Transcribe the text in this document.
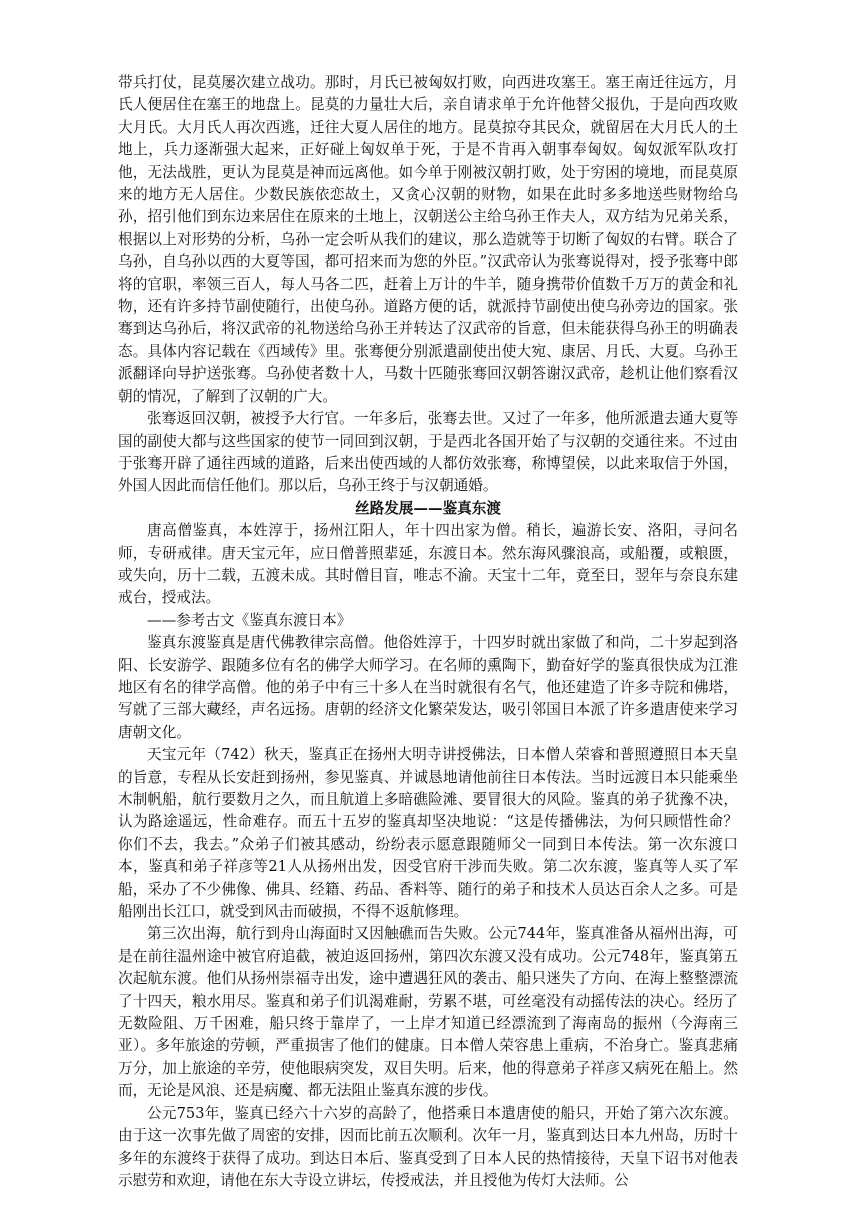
带兵打仗，昆莫屡次建立战功。那时，月氏已被匈奴打败，向西进攻塞王。塞王南迁往远方，月氏人便居住在塞王的地盘上。昆莫的力量壮大后，亲自请求单于允许他替父报仇，于是向西攻败大月氏。大月氏人再次西逃，迁往大夏人居住的地方。昆莫掠夺其民众，就留居在大月氏人的土地上，兵力逐渐强大起来，正好碰上匈奴单于死，于是不肯再入朝事奉匈奴。匈奴派军队攻打他，无法战胜，更认为昆莫是神而远离他。如今单于刚被汉朝打败，处于穷困的境地，而昆莫原来的地方无人居住。少数民族依恋故土，又贪心汉朝的财物，如果在此时多多地送些财物给乌孙，招引他们到东边来居住在原来的土地上，汉朝送公主给乌孙王作夫人，双方结为兄弟关系，根据以上对形势的分析，乌孙一定会听从我们的建议，那么造就等于切断了匈奴的右臂。联合了乌孙，自乌孙以西的大夏等国，都可招来而为您的外臣。”汉武帝认为张骞说得对，授予张骞中郎将的官职，率领三百人，每人马各二匹，赶着上万计的牛羊，随身携带价值数千万万的黄金和礼物，还有许多持节副使随行，出使乌孙。道路方便的话，就派持节副使出使乌孙旁边的国家。张骞到达乌孙后，将汉武帝的礼物送给乌孙王并转达了汉武帝的旨意，但未能获得乌孙王的明确表态。具体内容记载在《西域传》里。张骞便分别派遣副使出使大宛、康居、月氏、大夏。乌孙王派翻译向导护送张骞。乌孙使者数十人，马数十匹随张骞回汉朝答谢汉武帝，趁机让他们察看汉朝的情况，了解到了汉朝的广大。

张骞返回汉朝，被授予大行官。一年多后，张骞去世。又过了一年多，他所派遣去通大夏等国的副使大都与这些国家的使节一同回到汉朝，于是西北各国开始了与汉朝的交通往来。不过由于张骞开辟了通往西域的道路，后来出使西域的人都仿效张骞，称博望侯，以此来取信于外国，外国人因此而信任他们。那以后，乌孙王终于与汉朝通婚。

丝路发展——鉴真东渡

唐高僧鉴真，本姓淳于，扬州江阳人，年十四出家为僧。稍长，遍游长安、洛阳，寻问名师，专研戒律。唐天宝元年，应日僧普照辈延，东渡日本。然东海风骤浪高，或船覆，或粮匮，或失向，历十二载，五渡未成。其时僧目盲，唯志不渝。天宝十二年，竟至日，翌年与奈良东建戒台，授戒法。

——参考古文《鉴真东渡日本》

鉴真东渡鉴真是唐代佛教律宗高僧。他俗姓淳于，十四岁时就出家做了和尚，二十岁起到洛阳、长安游学、跟随多位有名的佛学大师学习。在名师的熏陶下，勤奋好学的鉴真很快成为江淮地区有名的律学高僧。他的弟子中有三十多人在当时就很有名气，他还建造了许多寺院和佛塔，写就了三部大藏经，声名远扬。唐朝的经济文化繁荣发达，吸引邻国日本派了许多遣唐使来学习唐朝文化。

天宝元年（742）秋天，鉴真正在扬州大明寺讲授佛法，日本僧人荣睿和普照遵照日本天皇的旨意，专程从长安赶到扬州，参见鉴真、并诚恳地请他前往日本传法。当时远渡日本只能乘坐木制帆船，航行要数月之久，而且航道上多暗礁险滩、要冒很大的风险。鉴真的弟子犹豫不决，认为路途遥远，性命难存。而五十五岁的鉴真却坚决地说：“这是传播佛法，为何只顾惜性命？你们不去，我去。”众弟子们被其感动，纷纷表示愿意跟随师父一同到日本传法。第一次东渡口本，鉴真和弟子祥彦等21人从扬州出发，因受官府干涉而失败。第二次东渡，鉴真等人买了军船，采办了不少佛像、佛具、经籍、药品、香料等、随行的弟子和技术人员达百余人之多。可是船刚出长江口，就受到风击而破损，不得不返航修理。

第三次出海，航行到舟山海面时又因触礁而告失败。公元744年，鉴真准备从福州出海，可是在前往温州途中被官府追截，被迫返回扬州，第四次东渡又没有成功。公元748年，鉴真第五次起航东渡。他们从扬州崇福寺出发，途中遭遇狂风的袭击、船只迷失了方向、在海上整整漂流了十四天，粮水用尽。鉴真和弟子们讥渴难耐，劳累不堪，可丝毫没有动摇传法的决心。经历了无数险阻、万千困难，船只终于靠岸了，一上岸才知道已经漂流到了海南岛的振州（今海南三亚）。多年旅途的劳顿，严重损害了他们的健康。日本僧人荣容患上重病，不治身亡。鉴真悲痛万分，加上旅途的辛劳，使他眼病突发，双目失明。后来，他的得意弟子祥彦又病死在船上。然而，无论是风浪、还是病魔、都无法阻止鉴真东渡的步伐。

公元753年，鉴真已经六十六岁的高龄了，他搭乘日本遣唐使的船只，开始了第六次东渡。由于这一次事先做了周密的安排，因而比前五次顺利。次年一月，鉴真到达日本九州岛，历时十多年的东渡终于获得了成功。到达日本后、鉴真受到了日本人民的热情接待，天皇下诏书对他表示慰劳和欢迎，请他在东大寺设立讲坛，传授戒法，并且授他为传灯大法师。公
